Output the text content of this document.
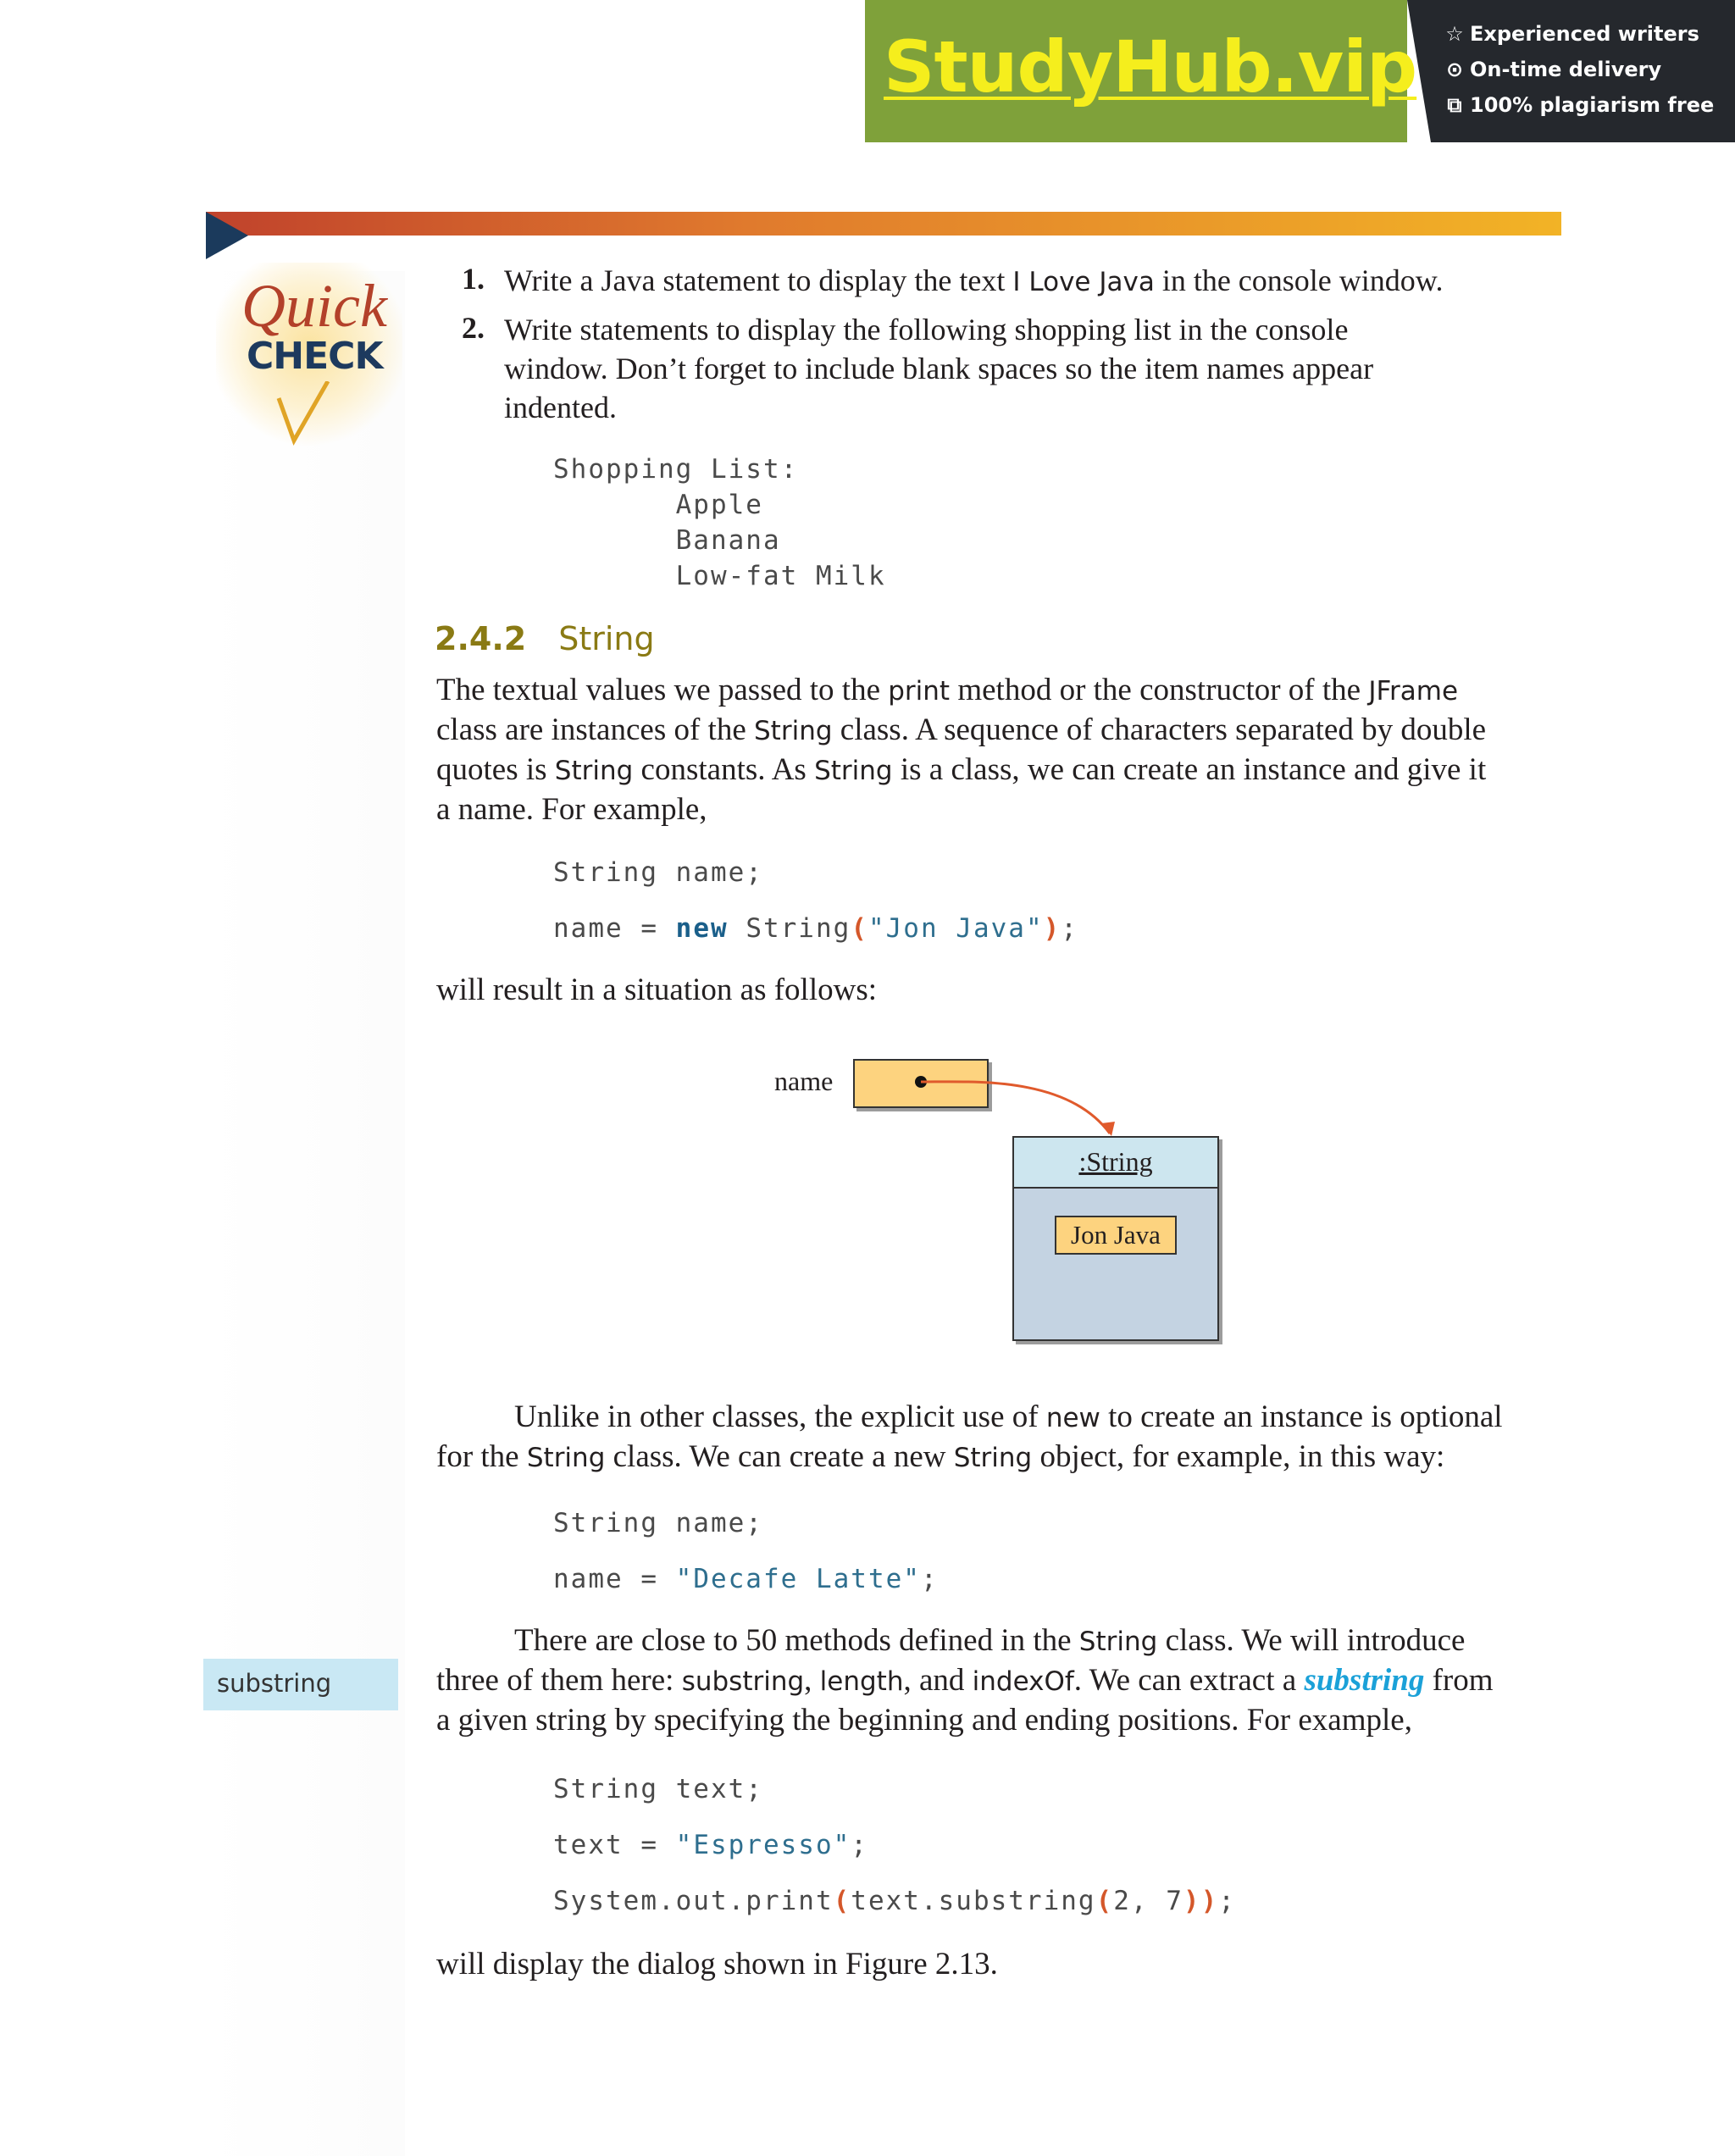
StudyHub.vip ☆ Experienced writers
⊙ On-time delivery
⧉ 100% plagiarism free
Quick
CHECK
1. Write a Java statement to display the text I Love Java in the console window.
2. Write statements to display the following shopping list in the console
window. Don’t forget to include blank spaces so the item names appear
indented.
Shopping List:
Apple
Banana
Low-fat Milk
2.4.2 String
The textual values we passed to the print method or the constructor of the JFrame
class are instances of the String class. A sequence of characters separated by double
quotes is String constants. As String is a class, we can create an instance and give it
a name. For example,
String name;
name = new String("Jon Java");
will result in a situation as follows:
name
:String
Jon Java
Unlike in other classes, the explicit use of new to create an instance is optional
for the String class. We can create a new String object, for example, in this way:
String name;
name = "Decafe Latte";
substring
There are close to 50 methods defined in the String class. We will introduce
three of them here: substring, length, and indexOf. We can extract a substring from
a given string by specifying the beginning and ending positions. For example,
String text;
text = "Espresso";
System.out.print(text.substring(2, 7));
will display the dialog shown in Figure 2.13.
